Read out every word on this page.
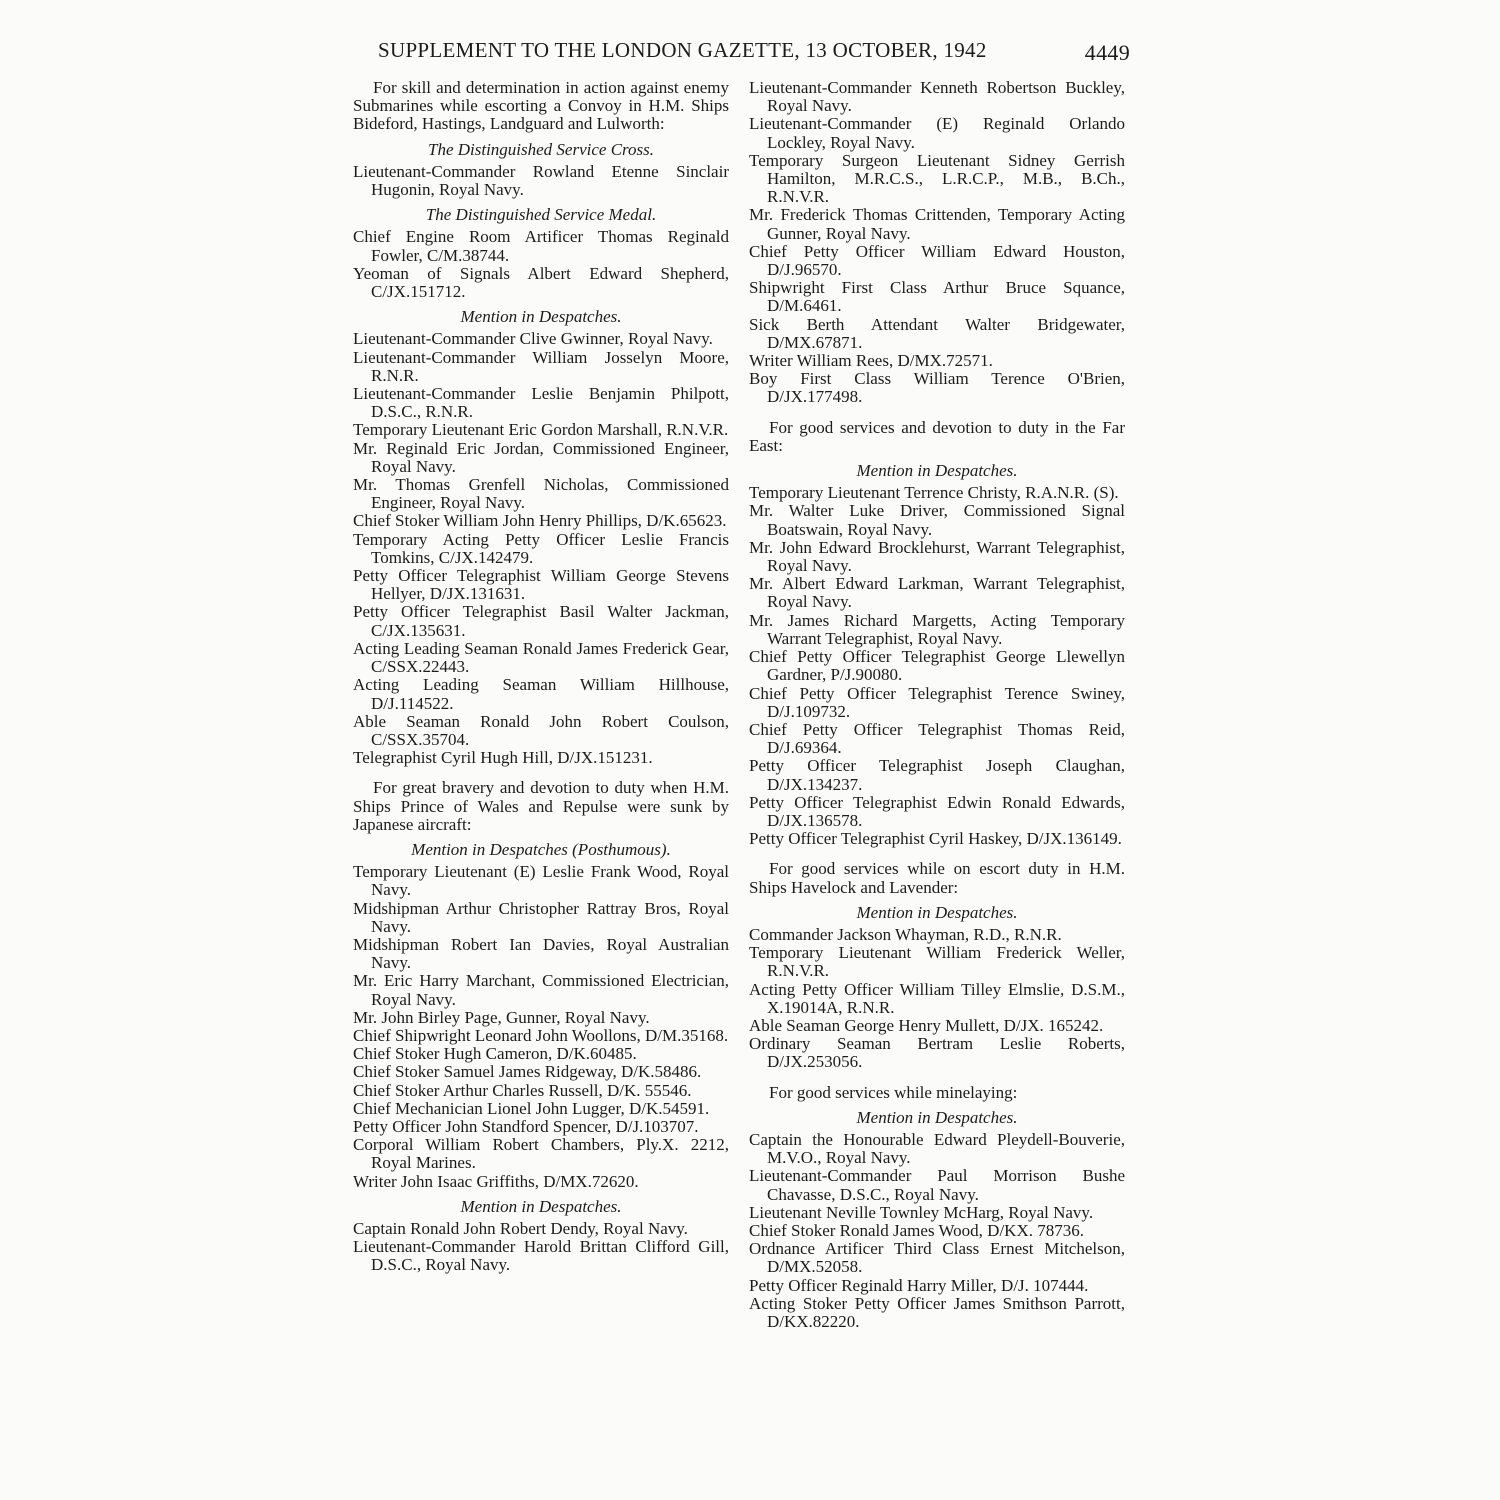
SUPPLEMENT TO THE LONDON GAZETTE, 13 OCTOBER, 1942	4449

For skill and determination in action against enemy Submarines while escorting a Convoy in H.M. Ships Bideford, Hastings, Landguard and Lulworth:

The Distinguished Service Cross.

Lieutenant-Commander Rowland Etenne Sinclair Hugonin, Royal Navy.

The Distinguished Service Medal.

Chief Engine Room Artificer Thomas Reginald Fowler, C/M.38744.

Yeoman of Signals Albert Edward Shepherd, C/JX.151712.

Mention in Despatches.

Lieutenant-Commander Clive Gwinner, Royal Navy.

Lieutenant-Commander William Josselyn Moore, R.N.R.

Lieutenant-Commander Leslie Benjamin Philpott, D.S.C., R.N.R.

Temporary Lieutenant Eric Gordon Marshall, R.N.V.R.

Mr. Reginald Eric Jordan, Commissioned Engineer, Royal Navy.

Mr. Thomas Grenfell Nicholas, Commissioned Engineer, Royal Navy.

Chief Stoker William John Henry Phillips, D/K.65623.

Temporary Acting Petty Officer Leslie Francis Tomkins, C/JX.142479.

Petty Officer Telegraphist William George Stevens Hellyer, D/JX.131631.

Petty Officer Telegraphist Basil Walter Jackman, C/JX.135631.

Acting Leading Seaman Ronald James Frederick Gear, C/SSX.22443.

Acting Leading Seaman William Hillhouse, D/J.114522.

Able Seaman Ronald John Robert Coulson, C/SSX.35704.

Telegraphist Cyril Hugh Hill, D/JX.151231.

For great bravery and devotion to duty when H.M. Ships Prince of Wales and Repulse were sunk by Japanese aircraft:

Mention in Despatches (Posthumous).

Temporary Lieutenant (E) Leslie Frank Wood, Royal Navy.

Midshipman Arthur Christopher Rattray Bros, Royal Navy.

Midshipman Robert Ian Davies, Royal Australian Navy.

Mr. Eric Harry Marchant, Commissioned Electrician, Royal Navy.

Mr. John Birley Page, Gunner, Royal Navy.

Chief Shipwright Leonard John Woollons, D/M.35168.

Chief Stoker Hugh Cameron, D/K.60485.

Chief Stoker Samuel James Ridgeway, D/K.58486.

Chief Stoker Arthur Charles Russell, D/K. 55546.

Chief Mechanician Lionel John Lugger, D/K.54591.

Petty Officer John Standford Spencer, D/J.103707.

Corporal William Robert Chambers, Ply.X. 2212, Royal Marines.

Writer John Isaac Griffiths, D/MX.72620.

Mention in Despatches.

Captain Ronald John Robert Dendy, Royal Navy.

Lieutenant-Commander Harold Brittan Clifford Gill, D.S.C., Royal Navy.

Lieutenant-Commander Kenneth Robertson Buckley, Royal Navy.

Lieutenant-Commander (E) Reginald Orlando Lockley, Royal Navy.

Temporary Surgeon Lieutenant Sidney Gerrish Hamilton, M.R.C.S., L.R.C.P., M.B., B.Ch., R.N.V.R.

Mr. Frederick Thomas Crittenden, Temporary Acting Gunner, Royal Navy.

Chief Petty Officer William Edward Houston, D/J.96570.

Shipwright First Class Arthur Bruce Squance, D/M.6461.

Sick Berth Attendant Walter Bridgewater, D/MX.67871.

Writer William Rees, D/MX.72571.

Boy First Class William Terence O'Brien, D/JX.177498.

For good services and devotion to duty in the Far East:

Mention in Despatches.

Temporary Lieutenant Terrence Christy, R.A.N.R. (S).

Mr. Walter Luke Driver, Commissioned Signal Boatswain, Royal Navy.

Mr. John Edward Brocklehurst, Warrant Telegraphist, Royal Navy.

Mr. Albert Edward Larkman, Warrant Telegraphist, Royal Navy.

Mr. James Richard Margetts, Acting Temporary Warrant Telegraphist, Royal Navy.

Chief Petty Officer Telegraphist George Llewellyn Gardner, P/J.90080.

Chief Petty Officer Telegraphist Terence Swiney, D/J.109732.

Chief Petty Officer Telegraphist Thomas Reid, D/J.69364.

Petty Officer Telegraphist Joseph Claughan, D/JX.134237.

Petty Officer Telegraphist Edwin Ronald Edwards, D/JX.136578.

Petty Officer Telegraphist Cyril Haskey, D/JX.136149.

For good services while on escort duty in H.M. Ships Havelock and Lavender:

Mention in Despatches.

Commander Jackson Whayman, R.D., R.N.R.

Temporary Lieutenant William Frederick Weller, R.N.V.R.

Acting Petty Officer William Tilley Elmslie, D.S.M., X.19014A, R.N.R.

Able Seaman George Henry Mullett, D/JX. 165242.

Ordinary Seaman Bertram Leslie Roberts, D/JX.253056.

For good services while minelaying:

Mention in Despatches.

Captain the Honourable Edward Pleydell-Bouverie, M.V.O., Royal Navy.

Lieutenant-Commander Paul Morrison Bushe Chavasse, D.S.C., Royal Navy.

Lieutenant Neville Townley McHarg, Royal Navy.

Chief Stoker Ronald James Wood, D/KX. 78736.

Ordnance Artificer Third Class Ernest Mitchelson, D/MX.52058.

Petty Officer Reginald Harry Miller, D/J. 107444.

Acting Stoker Petty Officer James Smithson Parrott, D/KX.82220.
